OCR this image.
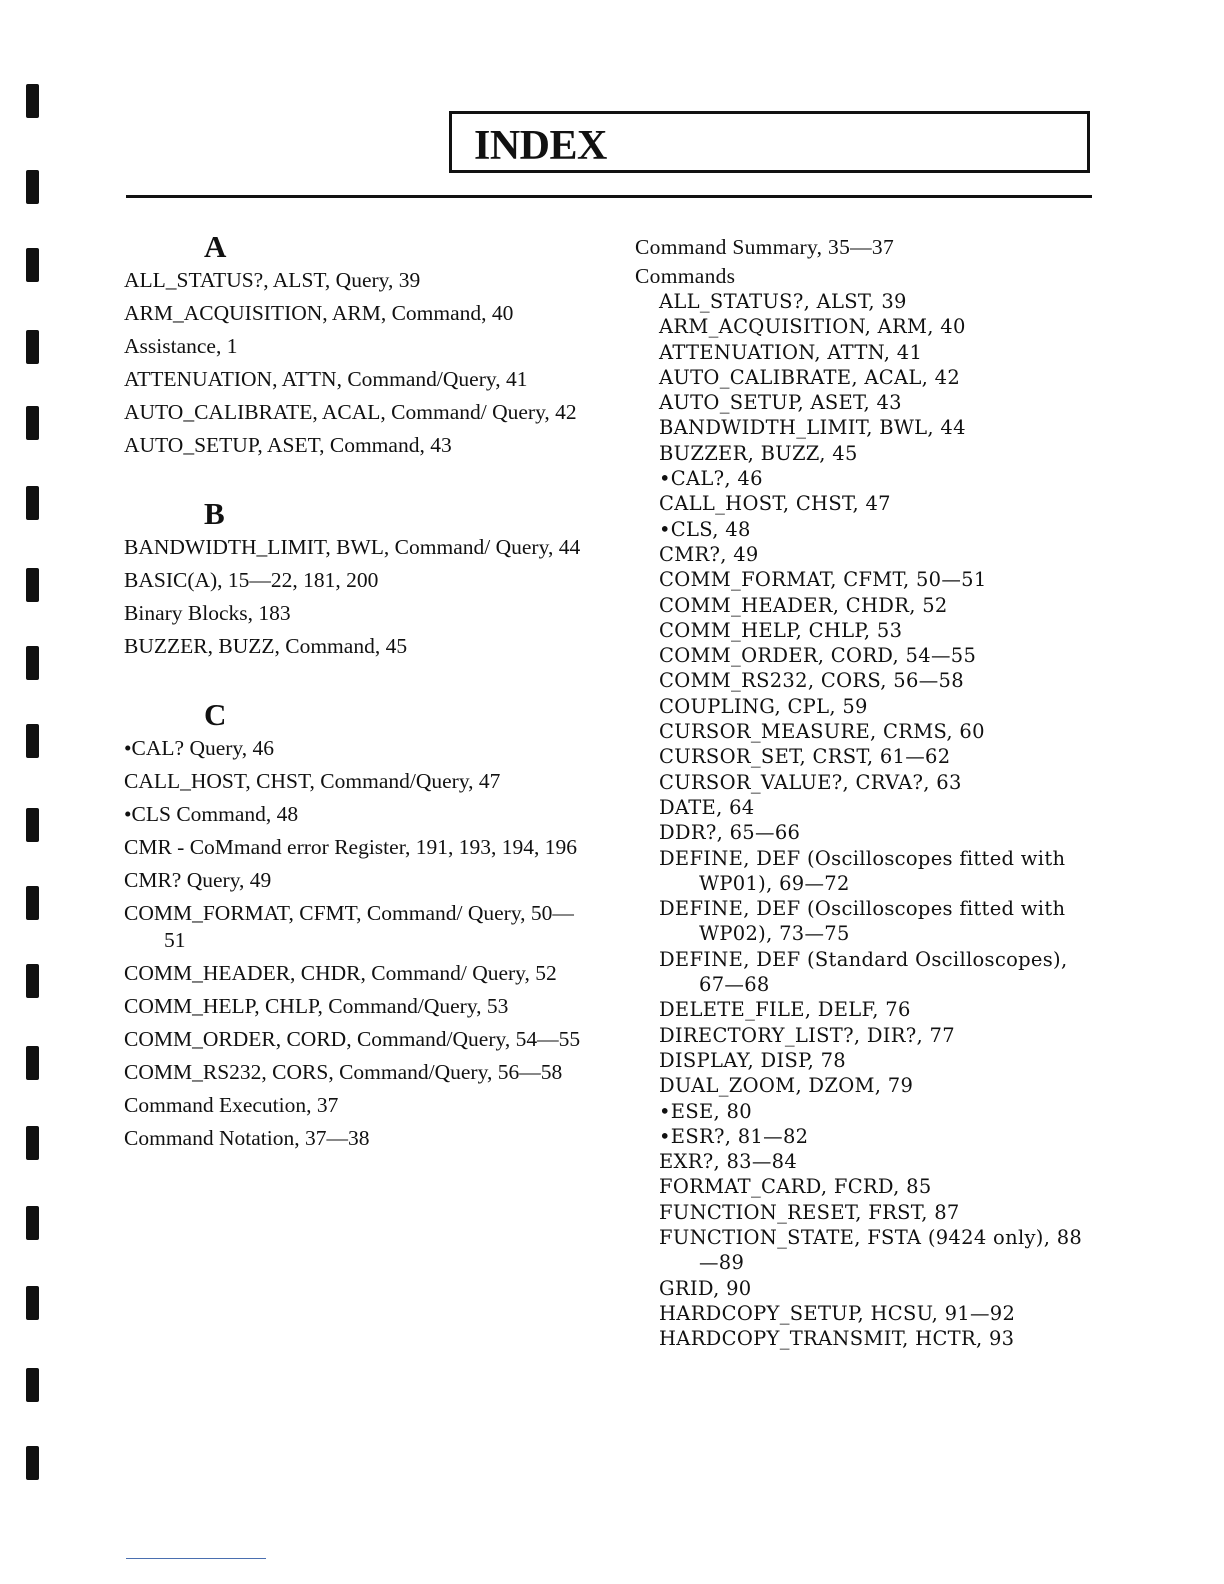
INDEX
A
ALL_STATUS?, ALST, Query, 39
ARM_ACQUISITION, ARM, Command, 40
Assistance, 1
ATTENUATION, ATTN, Command/Query, 41
AUTO_CALIBRATE, ACAL, Command/ Query, 42
AUTO_SETUP, ASET, Command, 43
B
BANDWIDTH_LIMIT, BWL, Command/ Query, 44
BASIC(A), 15—22, 181, 200
Binary Blocks, 183
BUZZER, BUZZ, Command, 45
C
•CAL? Query, 46
CALL_HOST, CHST, Command/Query, 47
•CLS Command, 48
CMR - CoMmand error Register, 191, 193, 194, 196
CMR? Query, 49
COMM_FORMAT, CFMT, Command/ Query, 50—51
COMM_HEADER, CHDR, Command/ Query, 52
COMM_HELP, CHLP, Command/Query, 53
COMM_ORDER, CORD, Command/Query, 54—55
COMM_RS232, CORS, Command/Query, 56—58
Command Execution, 37
Command Notation, 37—38
Command Summary, 35—37
Commands
ALL_STATUS?, ALST, 39
ARM_ACQUISITION, ARM, 40
ATTENUATION, ATTN, 41
AUTO_CALIBRATE, ACAL, 42
AUTO_SETUP, ASET, 43
BANDWIDTH_LIMIT, BWL, 44
BUZZER, BUZZ, 45
•CAL?, 46
CALL_HOST, CHST, 47
•CLS, 48
CMR?, 49
COMM_FORMAT, CFMT, 50—51
COMM_HEADER, CHDR, 52
COMM_HELP, CHLP, 53
COMM_ORDER, CORD, 54—55
COMM_RS232, CORS, 56—58
COUPLING, CPL, 59
CURSOR_MEASURE, CRMS, 60
CURSOR_SET, CRST, 61—62
CURSOR_VALUE?, CRVA?, 63
DATE, 64
DDR?, 65—66
DEFINE, DEF (Oscilloscopes fitted with WP01), 69—72
DEFINE, DEF (Oscilloscopes fitted with WP02), 73—75
DEFINE, DEF (Standard Oscilloscopes), 67—68
DELETE_FILE, DELF, 76
DIRECTORY_LIST?, DIR?, 77
DISPLAY, DISP, 78
DUAL_ZOOM, DZOM, 79
•ESE, 80
•ESR?, 81—82
EXR?, 83—84
FORMAT_CARD, FCRD, 85
FUNCTION_RESET, FRST, 87
FUNCTION_STATE, FSTA (9424 only), 88—89
GRID, 90
HARDCOPY_SETUP, HCSU, 91—92
HARDCOPY_TRANSMIT, HCTR, 93
